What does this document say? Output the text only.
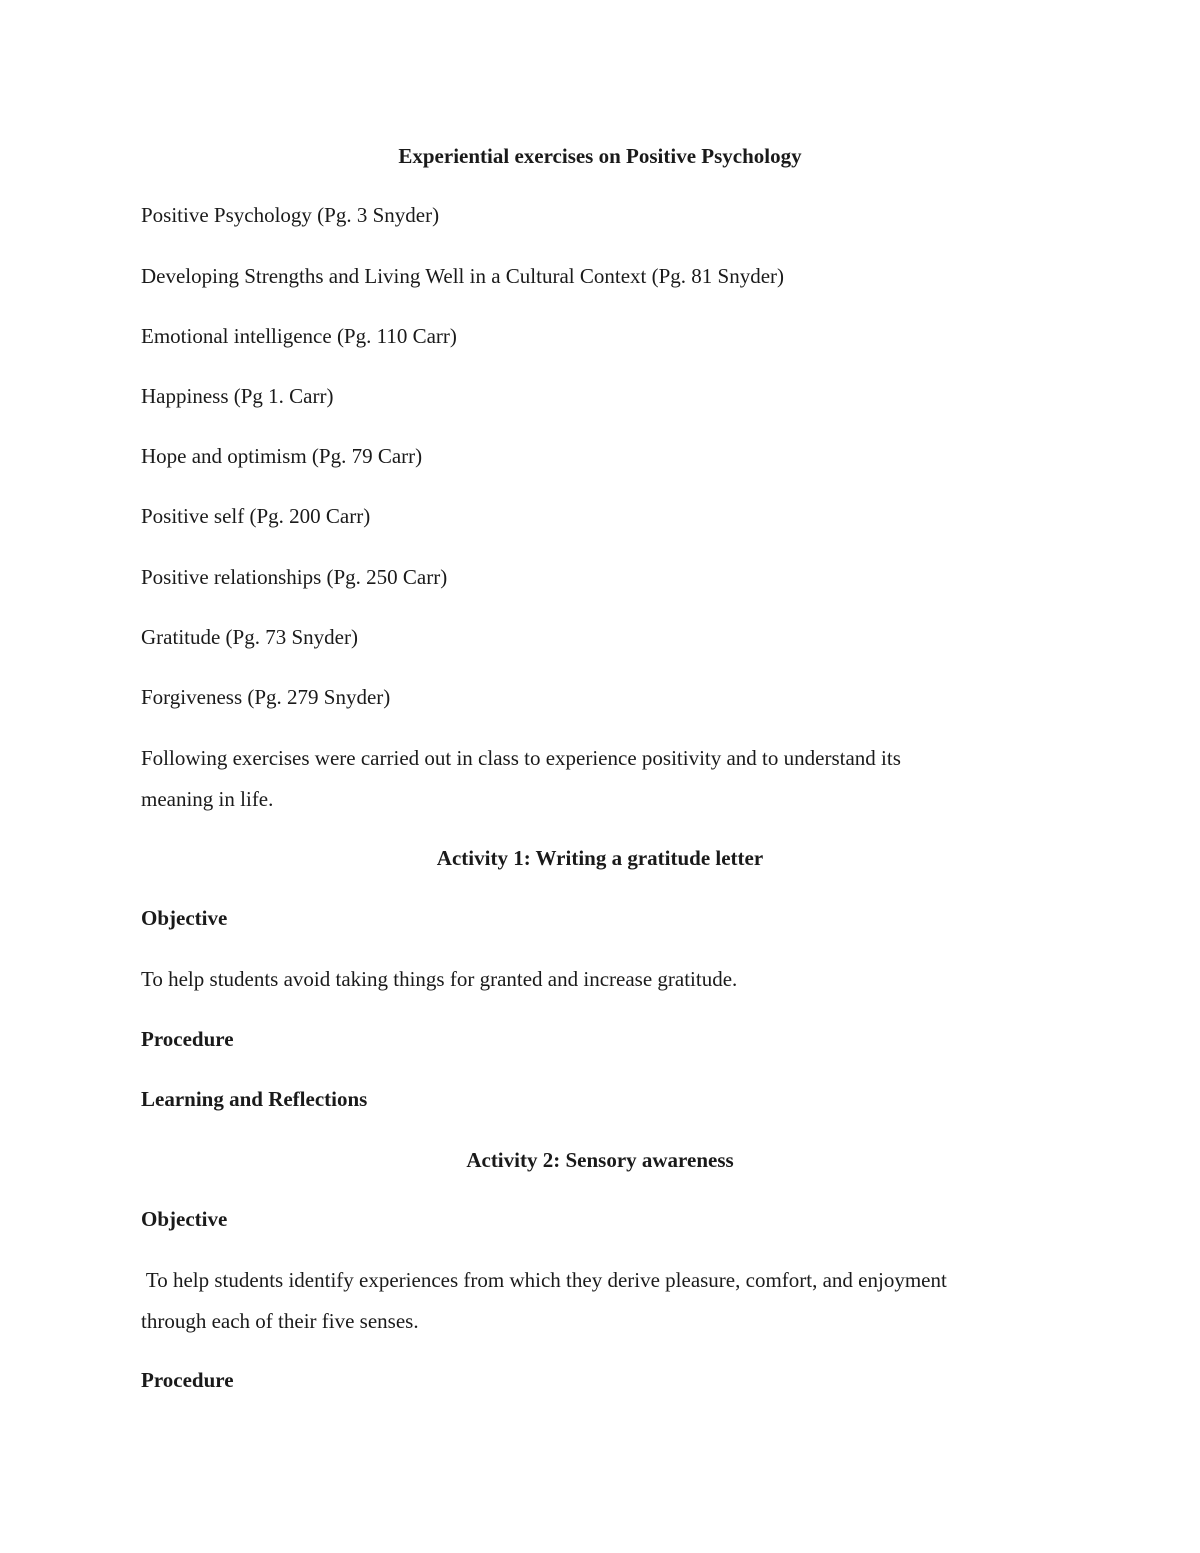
Experiential exercises on Positive Psychology
Positive Psychology (Pg. 3 Snyder)
Developing Strengths and Living Well in a Cultural Context (Pg. 81 Snyder)
Emotional intelligence (Pg. 110 Carr)
Happiness (Pg 1. Carr)
Hope and optimism (Pg. 79 Carr)
Positive self (Pg. 200 Carr)
Positive relationships (Pg. 250 Carr)
Gratitude (Pg. 73 Snyder)
Forgiveness (Pg. 279 Snyder)
Following exercises were carried out in class to experience positivity and to understand its
meaning in life.
Activity 1: Writing a gratitude letter
Objective
To help students avoid taking things for granted and increase gratitude.
Procedure
Learning and Reflections
Activity 2: Sensory awareness
Objective
To help students identify experiences from which they derive pleasure, comfort, and enjoyment
through each of their five senses.
Procedure
